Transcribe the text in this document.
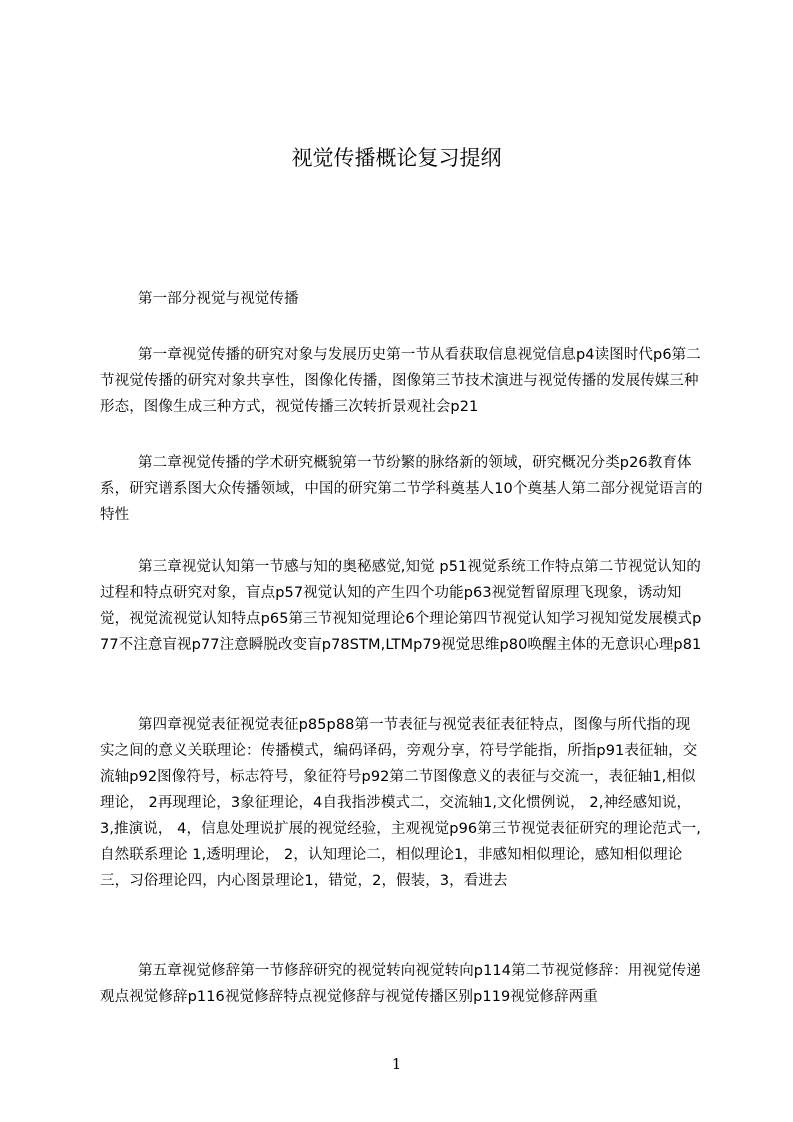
视觉传播概论复习提纲

第一部分视觉与视觉传播

第一章视觉传播的研究对象与发展历史第一节从看获取信息视觉信息p4读图时代p6第二节视觉传播的研究对象共享性，图像化传播，图像第三节技术演进与视觉传播的发展传媒三种形态，图像生成三种方式，视觉传播三次转折景观社会p21

第二章视觉传播的学术研究概貌第一节纷繁的脉络新的领域，研究概况分类p26教育体系，研究谱系图大众传播领域，中国的研究第二节学科奠基人10个奠基人第二部分视觉语言的特性

第三章视觉认知第一节感与知的奥秘感觉,知觉 p51视觉系统工作特点第二节视觉认知的过程和特点研究对象，盲点p57视觉认知的产生四个功能p63视觉暂留原理飞现象，诱动知觉，视觉流视觉认知特点p65第三节视知觉理论6个理论第四节视觉认知学习视知觉发展模式p77不注意盲视p77注意瞬脱改变盲p78STM,LTMp79视觉思维p80唤醒主体的无意识心理p81

第四章视觉表征视觉表征p85p88第一节表征与视觉表征表征特点，图像与所代指的现实之间的意义关联理论：传播模式，编码译码，旁观分享，符号学能指，所指p91表征轴，交流轴p92图像符号，标志符号，象征符号p92第二节图像意义的表征与交流一，表征轴1,相似理论， 2再现理论，3象征理论，4自我指涉模式二，交流轴1,文化惯例说， 2,神经感知说， 3,推演说， 4，信息处理说扩展的视觉经验，主观视觉p96第三节视觉表征研究的理论范式一,自然联系理论 1,透明理论， 2，认知理论二，相似理论1，非感知相似理论，感知相似理论三，习俗理论四，内心图景理论1，错觉，2，假装，3，看进去

第五章视觉修辞第一节修辞研究的视觉转向视觉转向p114第二节视觉修辞：用视觉传递观点视觉修辞p116视觉修辞特点视觉修辞与视觉传播区别p119视觉修辞两重

1
